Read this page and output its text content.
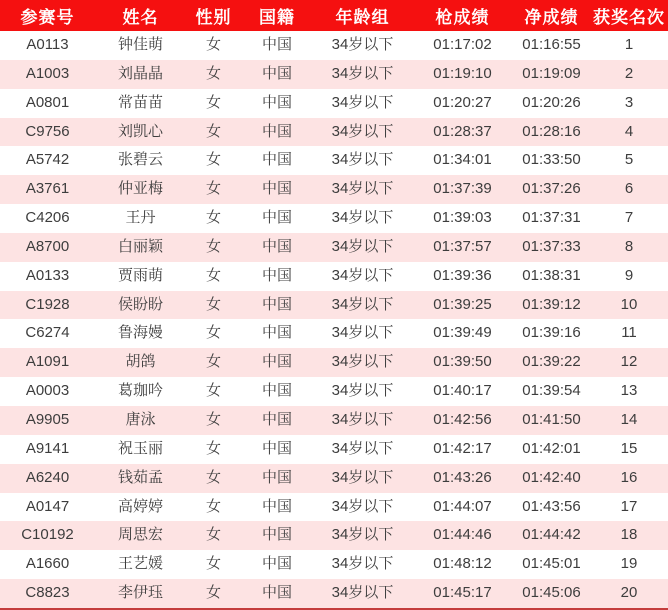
参赛号	姓名	性别	国籍	年龄组	枪成绩	净成绩	获奖名次
A0113	钟佳萌	女	中国	34岁以下	01:17:02	01:16:55	1
A1003	刘晶晶	女	中国	34岁以下	01:19:10	01:19:09	2
A0801	常苗苗	女	中国	34岁以下	01:20:27	01:20:26	3
C9756	刘凯心	女	中国	34岁以下	01:28:37	01:28:16	4
A5742	张碧云	女	中国	34岁以下	01:34:01	01:33:50	5
A3761	仲亚梅	女	中国	34岁以下	01:37:39	01:37:26	6
C4206	王丹	女	中国	34岁以下	01:39:03	01:37:31	7
A8700	白丽颖	女	中国	34岁以下	01:37:57	01:37:33	8
A0133	贾雨萌	女	中国	34岁以下	01:39:36	01:38:31	9
C1928	侯盼盼	女	中国	34岁以下	01:39:25	01:39:12	10
C6274	鲁海嫚	女	中国	34岁以下	01:39:49	01:39:16	11
A1091	胡鸽	女	中国	34岁以下	01:39:50	01:39:22	12
A0003	葛珈吟	女	中国	34岁以下	01:40:17	01:39:54	13
A9905	唐泳	女	中国	34岁以下	01:42:56	01:41:50	14
A9141	祝玉丽	女	中国	34岁以下	01:42:17	01:42:01	15
A6240	钱茹孟	女	中国	34岁以下	01:43:26	01:42:40	16
A0147	高婷婷	女	中国	34岁以下	01:44:07	01:43:56	17
C10192	周思宏	女	中国	34岁以下	01:44:46	01:44:42	18
A1660	王艺媛	女	中国	34岁以下	01:48:12	01:45:01	19
C8823	李伊珏	女	中国	34岁以下	01:45:17	01:45:06	20
